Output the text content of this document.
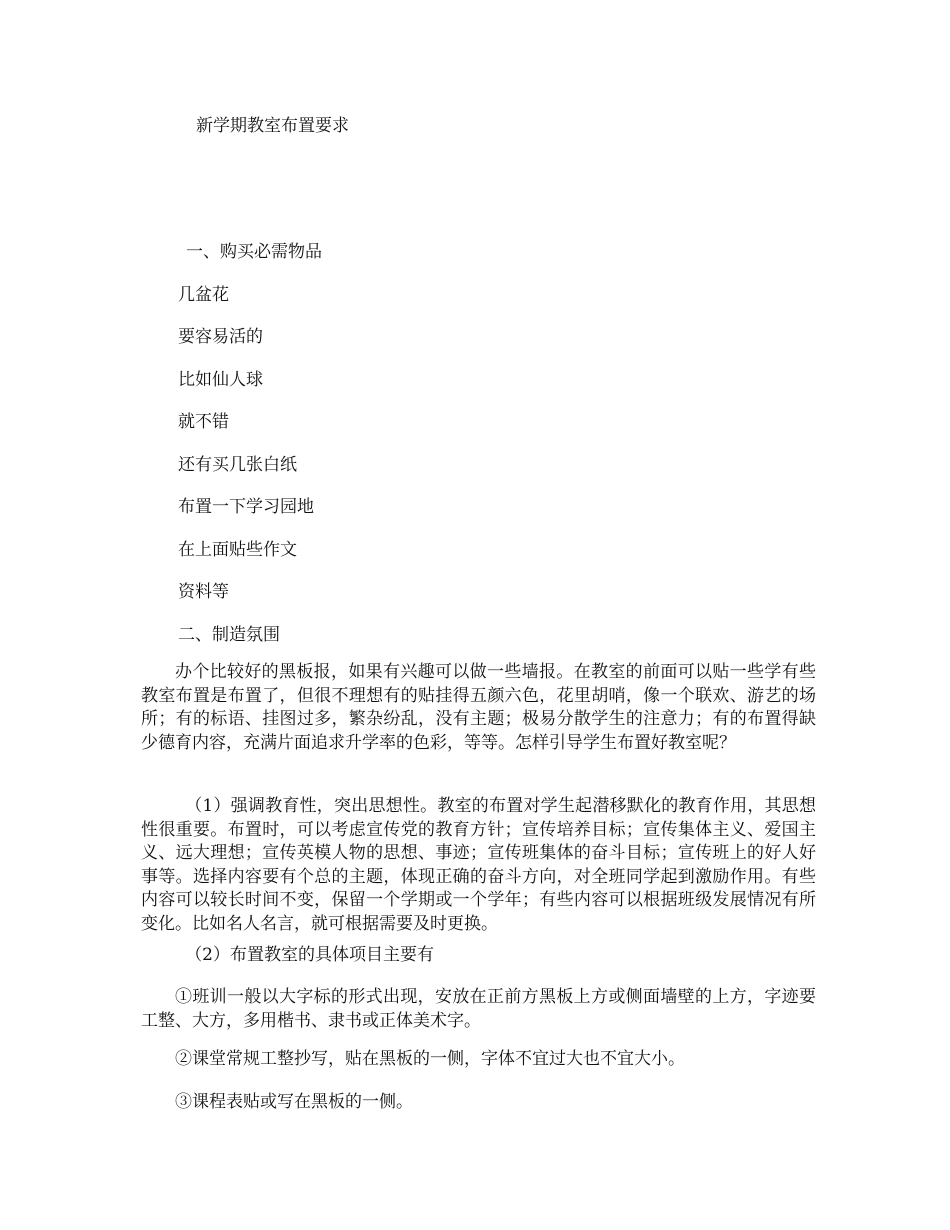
新学期教室布置要求
一、购买必需物品
几盆花
要容易活的
比如仙人球
就不错
还有买几张白纸
布置一下学习园地
在上面贴些作文
资料等
二、制造氛围

办个比较好的黑板报，如果有兴趣可以做一些墙报。在教室的前面可以贴一些学有些教室布置是布置了，但很不理想有的贴挂得五颜六色，花里胡哨，像一个联欢、游艺的场所；有的标语、挂图过多，繁杂纷乱，没有主题；极易分散学生的注意力；有的布置得缺少德育内容，充满片面追求升学率的色彩，等等。怎样引导学生布置好教室呢？

（1）强调教育性，突出思想性。教室的布置对学生起潜移默化的教育作用，其思想性很重要。布置时，可以考虑宣传党的教育方针；宣传培养目标；宣传集体主义、爱国主义、远大理想；宣传英模人物的思想、事迹；宣传班集体的奋斗目标；宣传班上的好人好事等。选择内容要有个总的主题，体现正确的奋斗方向，对全班同学起到激励作用。有些内容可以较长时间不变，保留一个学期或一个学年；有些内容可以根据班级发展情况有所变化。比如名人名言，就可根据需要及时更换。

（2）布置教室的具体项目主要有

①班训一般以大字标的形式出现，安放在正前方黑板上方或侧面墙壁的上方，字迹要工整、大方，多用楷书、隶书或正体美术字。

②课堂常规工整抄写，贴在黑板的一侧，字体不宜过大也不宜大小。

③课程表贴或写在黑板的一侧。
